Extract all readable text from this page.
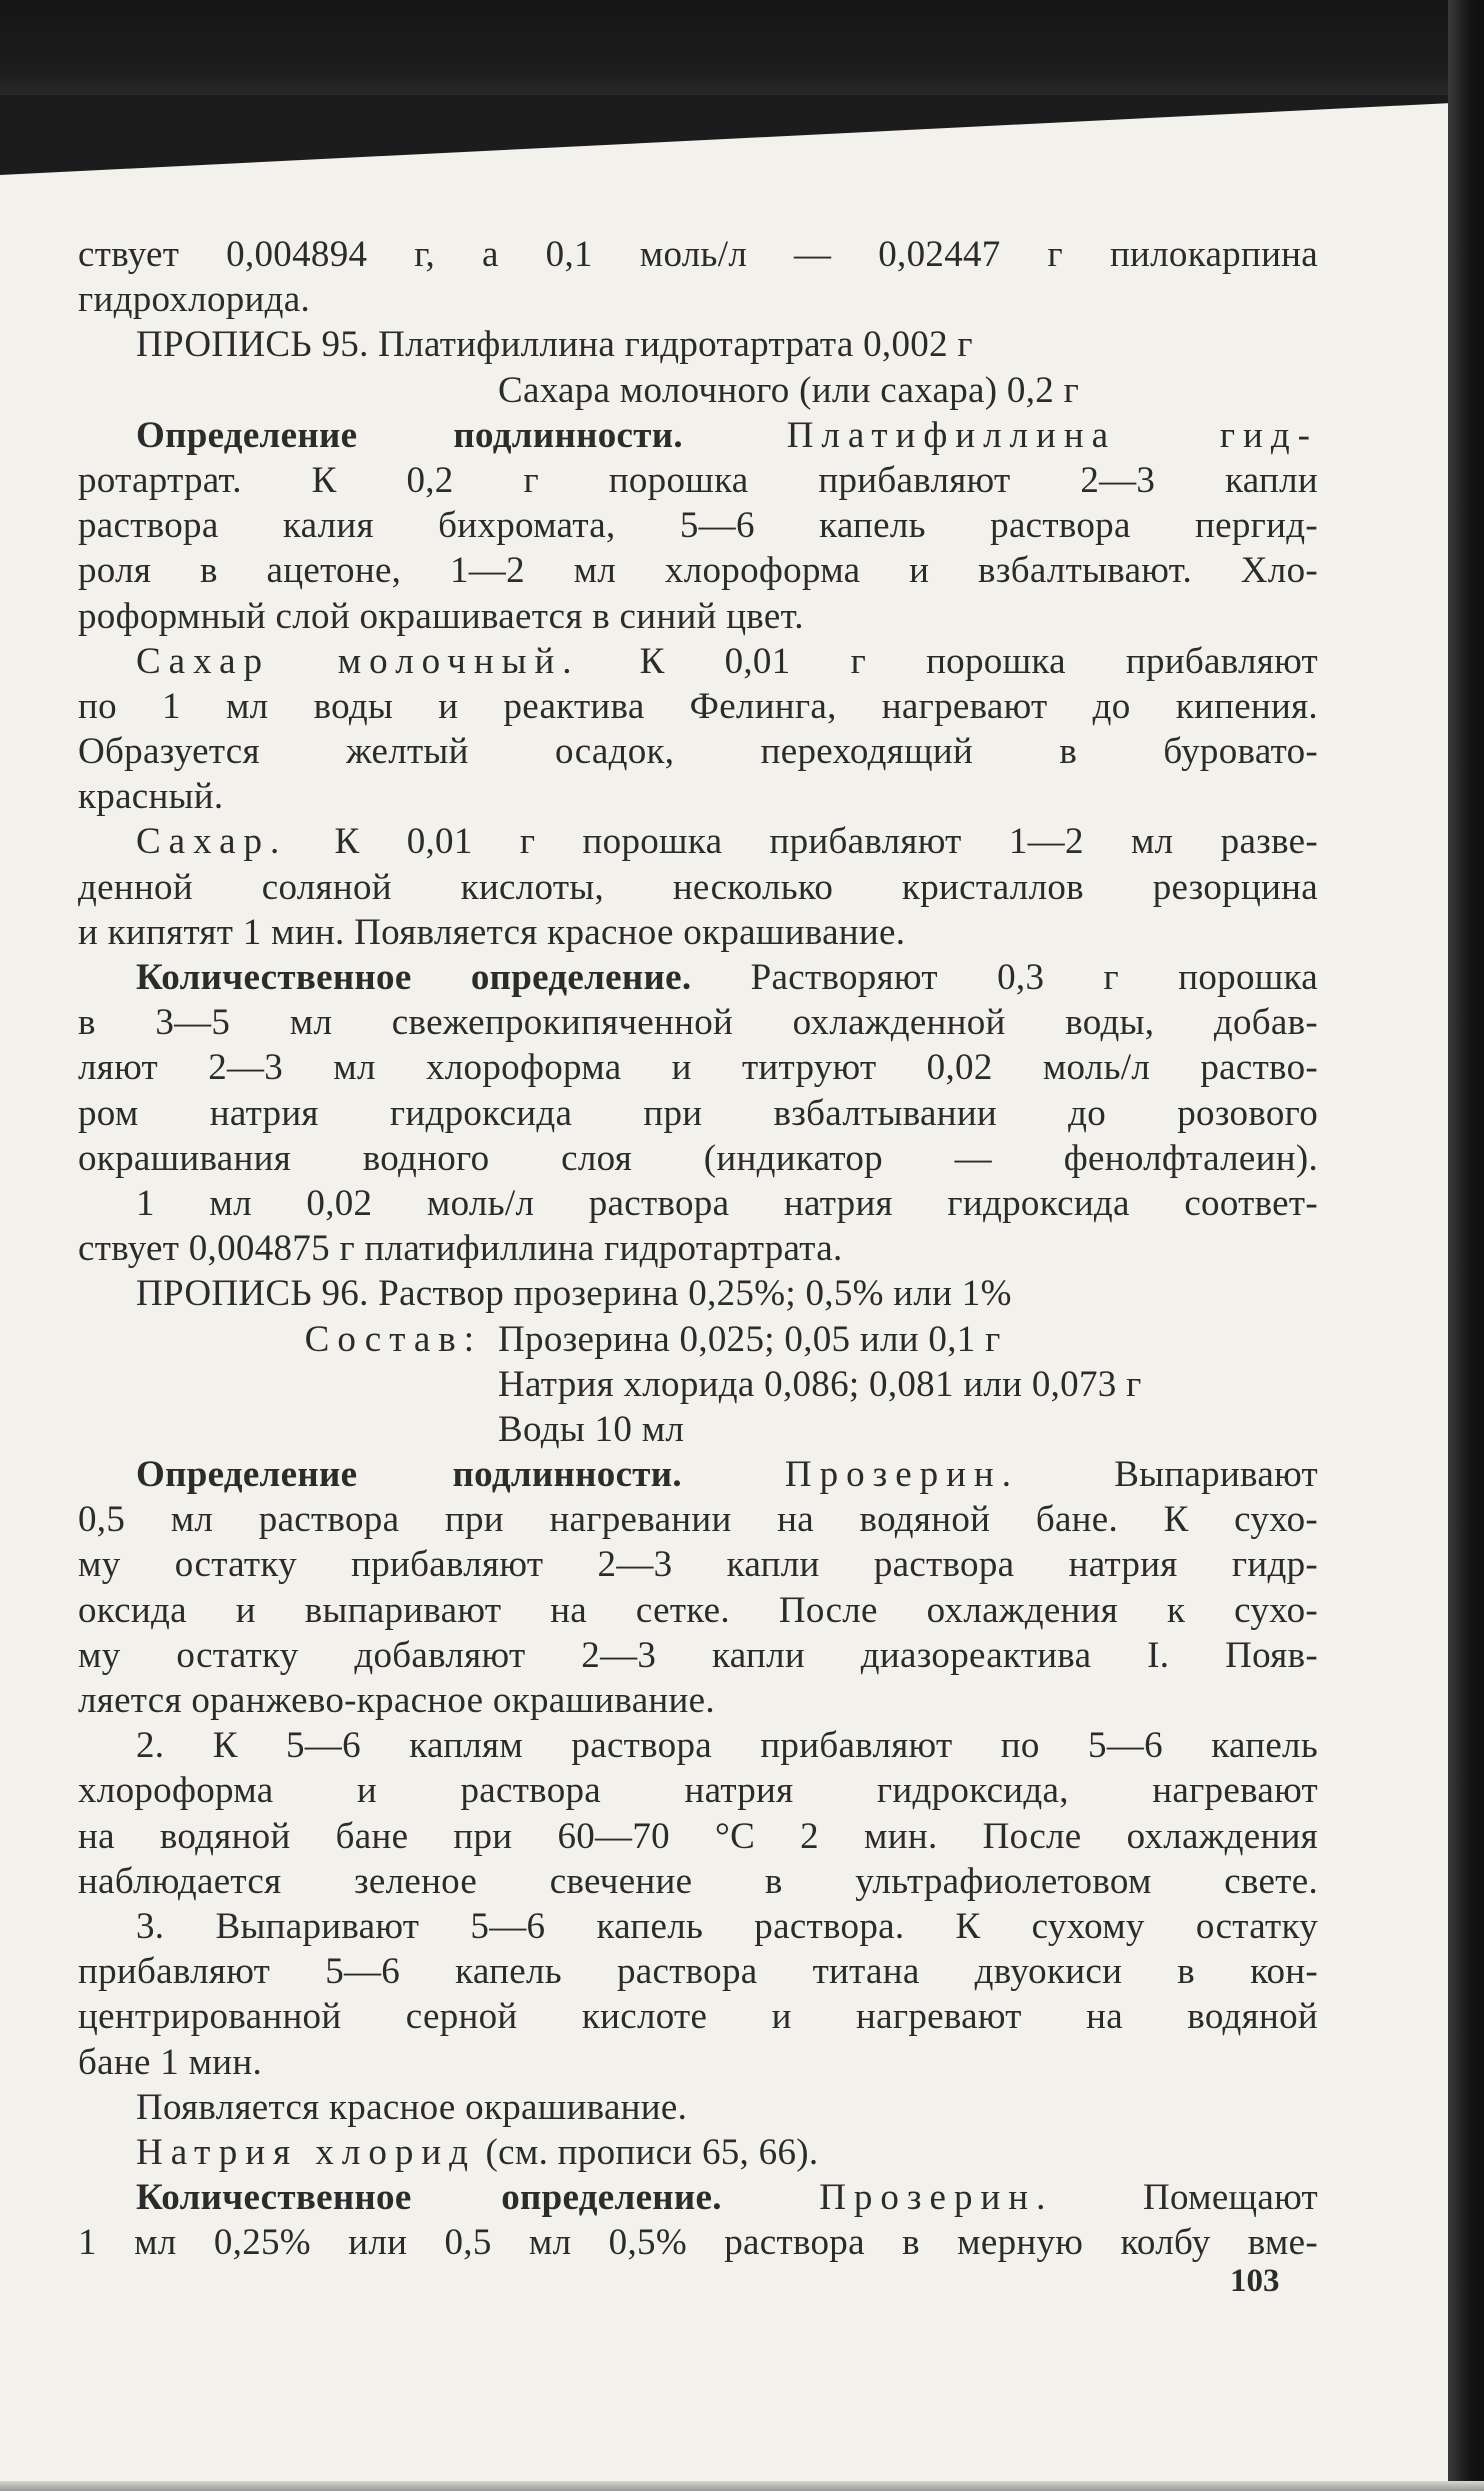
ствует 0,004894 г, а 0,1 моль/л — 0,02447 г пилокарпина
гидрохлорида.
ПРОПИСЬ 95. Платифиллина гидротартрата 0,002 г
Сахара молочного (или сахара) 0,2 г
Определение подлинности. Платифиллина гид-
ротартрат. К 0,2 г порошка прибавляют 2—3 капли
раствора калия бихромата, 5—6 капель раствора пергид-
роля в ацетоне, 1—2 мл хлороформа и взбалтывают. Хло-
роформный слой окрашивается в синий цвет.
Сахар молочный. К 0,01 г порошка прибавляют
по 1 мл воды и реактива Фелинга, нагревают до кипения.
Образуется желтый осадок, переходящий в буровато-
красный.
Сахар. К 0,01 г порошка прибавляют 1—2 мл разве-
денной соляной кислоты, несколько кристаллов резорцина
и кипятят 1 мин. Появляется красное окрашивание.
Количественное определение. Растворяют 0,3 г порошка
в 3—5 мл свежепрокипяченной охлажденной воды, добав-
ляют 2—3 мл хлороформа и титруют 0,02 моль/л раство-
ром натрия гидроксида при взбалтывании до розового
окрашивания водного слоя (индикатор — фенолфталеин).
1 мл 0,02 моль/л раствора натрия гидроксида соответ-
ствует 0,004875 г платифиллина гидротартрата.
ПРОПИСЬ 96. Раствор прозерина 0,25%; 0,5% или 1%
Состав: Прозерина 0,025; 0,05 или 0,1 г
Натрия хлорида 0,086; 0,081 или 0,073 г
Воды 10 мл
Определение подлинности. Прозерин. Выпаривают
0,5 мл раствора при нагревании на водяной бане. К сухо-
му остатку прибавляют 2—3 капли раствора натрия гидр-
оксида и выпаривают на сетке. После охлаждения к сухо-
му остатку добавляют 2—3 капли диазореактива I. Появ-
ляется оранжево-красное окрашивание.
2. К 5—6 каплям раствора прибавляют по 5—6 капель
хлороформа и раствора натрия гидроксида, нагревают
на водяной бане при 60—70 °С 2 мин. После охлаждения
наблюдается зеленое свечение в ультрафиолетовом свете.
3. Выпаривают 5—6 капель раствора. К сухому остатку
прибавляют 5—6 капель раствора титана двуокиси в кон-
центрированной серной кислоте и нагревают на водяной
бане 1 мин.
Появляется красное окрашивание.
Натрия хлорид (см. прописи 65, 66).
Количественное определение. Прозерин. Помещают
1 мл 0,25% или 0,5 мл 0,5% раствора в мерную колбу вме-
103
